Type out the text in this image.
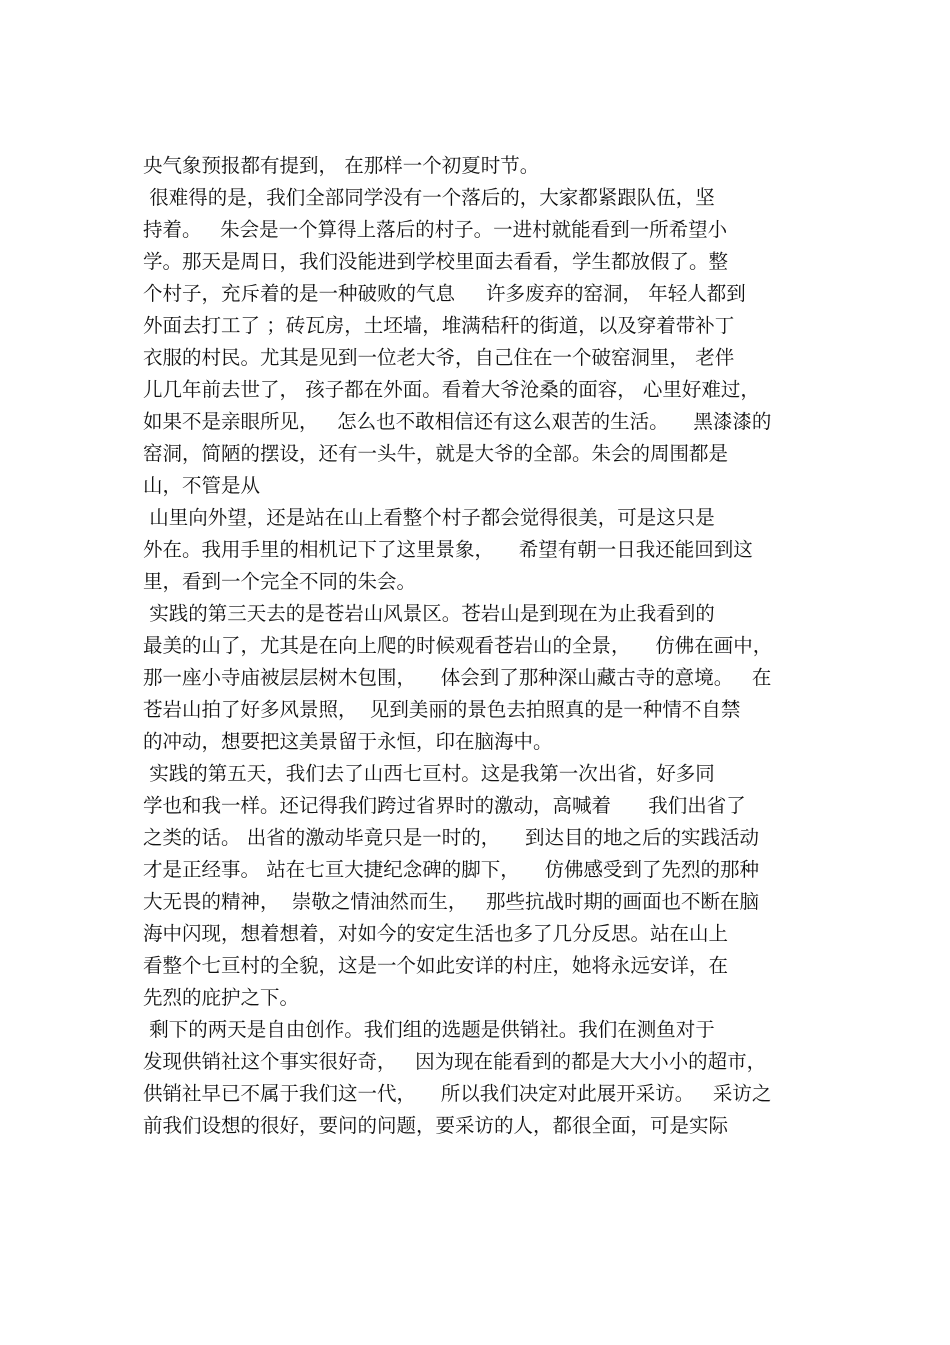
央气象预报都有提到， 在那样一个初夏时节。
很难得的是，我们全部同学没有一个落后的，大家都紧跟队伍，坚
持着。   朱会是一个算得上落后的村子。一进村就能看到一所希望小
学。那天是周日，我们没能进到学校里面去看看，学生都放假了。整
个村子，充斥着的是一种破败的气息     许多废弃的窑洞， 年轻人都到
外面去打工了 ；砖瓦房，土坯墙，堆满秸秆的街道，以及穿着带补丁
衣服的村民。尤其是见到一位老大爷，自己住在一个破窑洞里， 老伴
儿几年前去世了， 孩子都在外面。看着大爷沧桑的面容， 心里好难过，
如果不是亲眼所见，   怎么也不敢相信还有这么艰苦的生活。    黑漆漆的
窑洞，简陋的摆设，还有一头牛，就是大爷的全部。朱会的周围都是
山，不管是从
山里向外望，还是站在山上看整个村子都会觉得很美，可是这只是
外在。我用手里的相机记下了这里景象，    希望有朝一日我还能回到这
里，看到一个完全不同的朱会。
实践的第三天去的是苍岩山风景区。苍岩山是到现在为止我看到的
最美的山了，尤其是在向上爬的时候观看苍岩山的全景，    仿佛在画中，
那一座小寺庙被层层树木包围，    体会到了那种深山藏古寺的意境。   在
苍岩山拍了好多风景照，  见到美丽的景色去拍照真的是一种情不自禁
的冲动，想要把这美景留于永恒，印在脑海中。
实践的第五天，我们去了山西七亘村。这是我第一次出省，好多同
学也和我一样。还记得我们跨过省界时的激动，高喊着      我们出省了
之类的话。 出省的激动毕竟只是一时的，    到达目的地之后的实践活动
才是正经事。 站在七亘大捷纪念碑的脚下，    仿佛感受到了先烈的那种
大无畏的精神，  崇敬之情油然而生，   那些抗战时期的画面也不断在脑
海中闪现，想着想着，对如今的安定生活也多了几分反思。站在山上
看整个七亘村的全貌，这是一个如此安详的村庄，她将永远安详，在
先烈的庇护之下。
剩下的两天是自由创作。我们组的选题是供销社。我们在测鱼对于
发现供销社这个事实很好奇，   因为现在能看到的都是大大小小的超市，
供销社早已不属于我们这一代，    所以我们决定对此展开采访。   采访之
前我们设想的很好，要问的问题，要采访的人，都很全面，可是实际
